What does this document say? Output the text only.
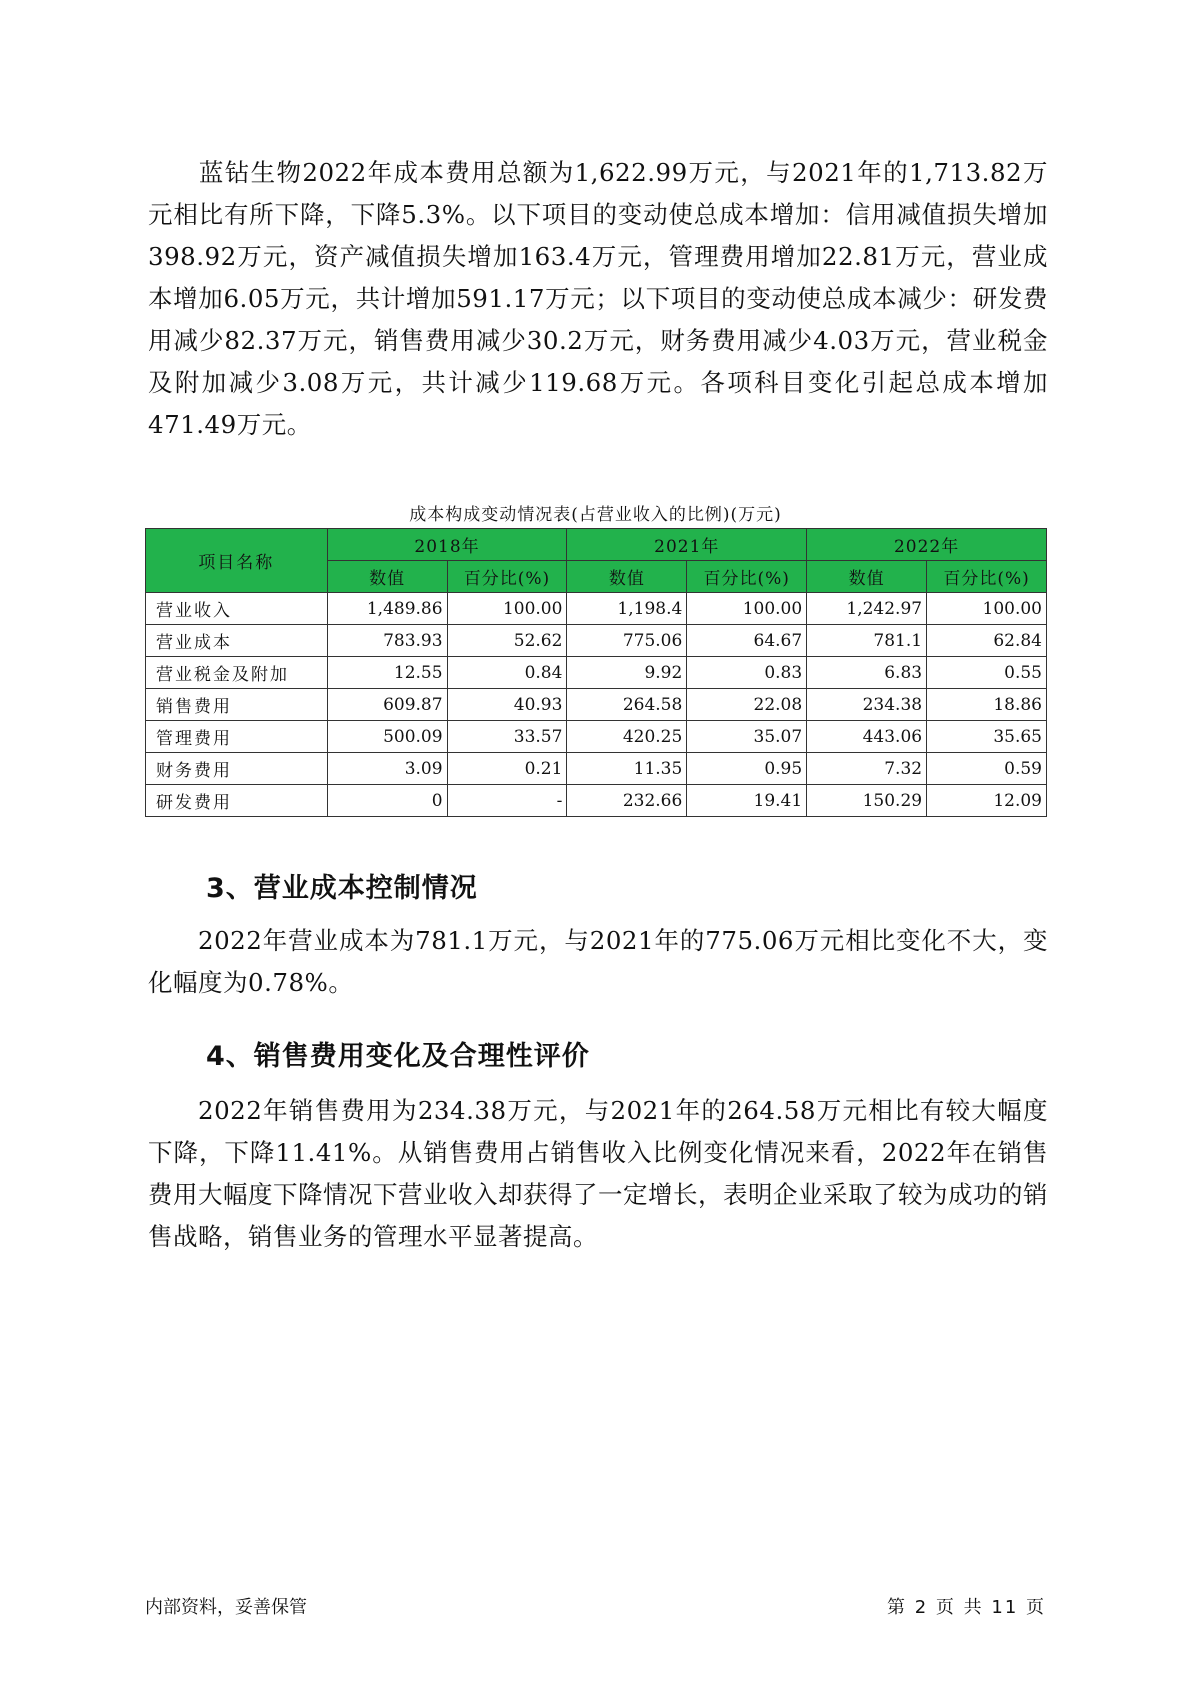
蓝钻生物2022年成本费用总额为1,622.99万元，与2021年的1,713.82万元相比有所下降，下降5.3%。以下项目的变动使总成本增加：信用减值损失增加398.92万元，资产减值损失增加163.4万元，管理费用增加22.81万元，营业成本增加6.05万元，共计增加591.17万元；以下项目的变动使总成本减少：研发费用减少82.37万元，销售费用减少30.2万元，财务费用减少4.03万元，营业税金及附加减少3.08万元，共计减少119.68万元。各项科目变化引起总成本增加471.49万元。
成本构成变动情况表(占营业收入的比例)(万元)
项目名称	2018年		2021年		2022年	
	数值	百分比(%)	数值	百分比(%)	数值	百分比(%)
营业收入	1,489.86	100.00	1,198.4	100.00	1,242.97	100.00
营业成本	783.93	52.62	775.06	64.67	781.1	62.84
营业税金及附加	12.55	0.84	9.92	0.83	6.83	0.55
销售费用	609.87	40.93	264.58	22.08	234.38	18.86
管理费用	500.09	33.57	420.25	35.07	443.06	35.65
财务费用	3.09	0.21	11.35	0.95	7.32	0.59
研发费用	0	-	232.66	19.41	150.29	12.09
3、营业成本控制情况
2022年营业成本为781.1万元，与2021年的775.06万元相比变化不大，变化幅度为0.78%。
4、销售费用变化及合理性评价
2022年销售费用为234.38万元，与2021年的264.58万元相比有较大幅度下降，下降11.41%。从销售费用占销售收入比例变化情况来看，2022年在销售费用大幅度下降情况下营业收入却获得了一定增长，表明企业采取了较为成功的销售战略，销售业务的管理水平显著提高。
内部资料，妥善保管	第 2 页 共 11 页
